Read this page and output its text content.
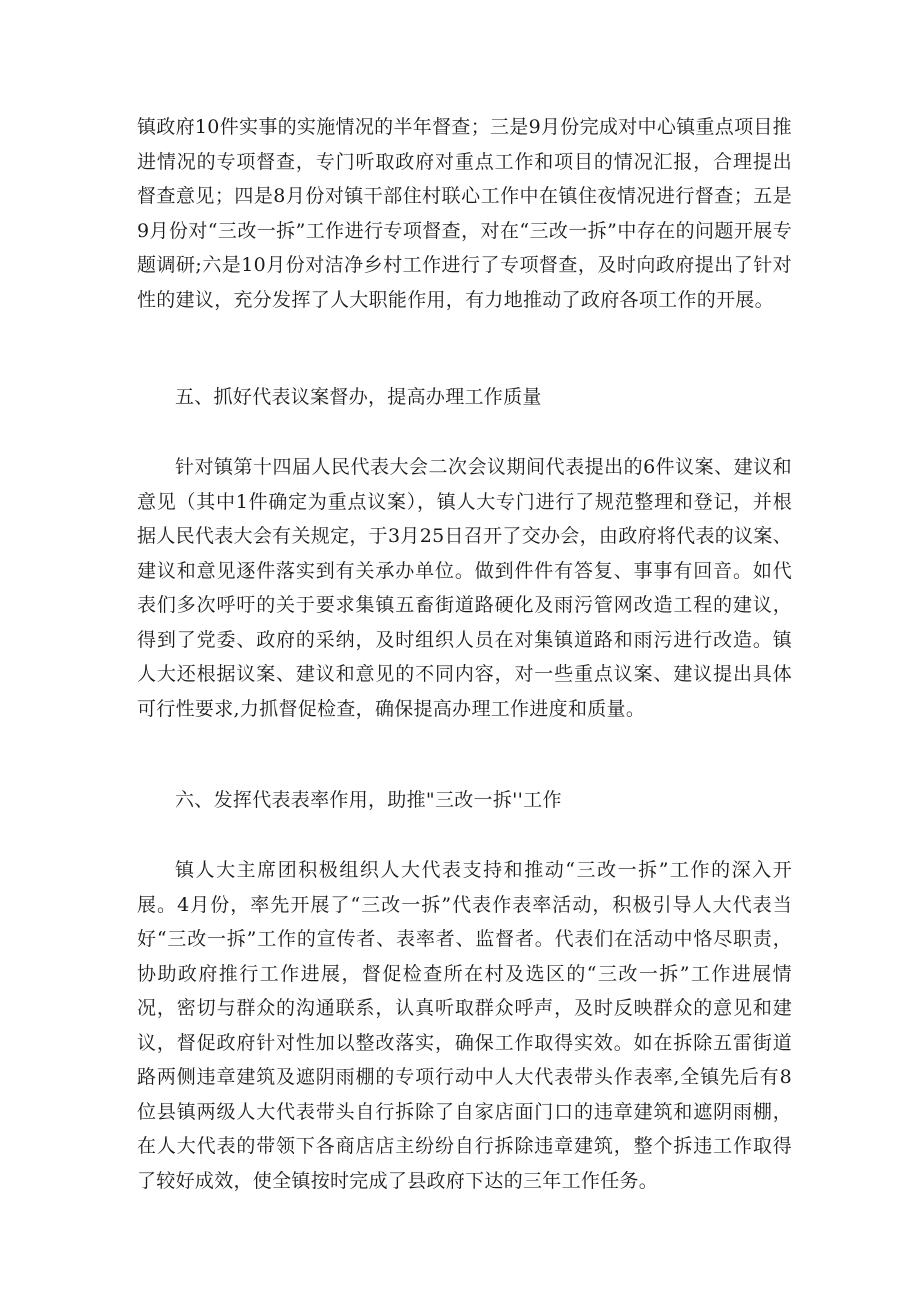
镇政府10件实事的实施情况的半年督查；三是9月份完成对中心镇重点项目推进情况的专项督查，专门听取政府对重点工作和项目的情况汇报，合理提出督查意见；四是8月份对镇干部住村联心工作中在镇住夜情况进行督查；五是9月份对“三改一拆”工作进行专项督查，对在“三改一拆”中存在的问题开展专题调研;六是10月份对洁净乡村工作进行了专项督查，及时向政府提出了针对性的建议，充分发挥了人大职能作用，有力地推动了政府各项工作的开展。

五、抓好代表议案督办，提高办理工作质量

针对镇第十四届人民代表大会二次会议期间代表提出的6件议案、建议和意见（其中1件确定为重点议案），镇人大专门进行了规范整理和登记，并根据人民代表大会有关规定，于3月25日召开了交办会，由政府将代表的议案、建议和意见逐件落实到有关承办单位。做到件件有答复、事事有回音。如代表们多次呼吁的关于要求集镇五畜街道路硬化及雨污管网改造工程的建议，得到了党委、政府的采纳，及时组织人员在对集镇道路和雨污进行改造。镇人大还根据议案、建议和意见的不同内容，对一些重点议案、建议提出具体可行性要求,力抓督促检查，确保提高办理工作进度和质量。

六、发挥代表表率作用，助推"三改一拆''工作

镇人大主席团积极组织人大代表支持和推动“三改一拆”工作的深入开展。4月份，率先开展了“三改一拆”代表作表率活动，积极引导人大代表当好“三改一拆”工作的宣传者、表率者、监督者。代表们在活动中恪尽职责，协助政府推行工作进展，督促检查所在村及选区的“三改一拆”工作进展情况，密切与群众的沟通联系，认真听取群众呼声，及时反映群众的意见和建议，督促政府针对性加以整改落实，确保工作取得实效。如在拆除五雷街道路两侧违章建筑及遮阴雨棚的专项行动中人大代表带头作表率,全镇先后有8位县镇两级人大代表带头自行拆除了自家店面门口的违章建筑和遮阴雨棚，在人大代表的带领下各商店店主纷纷自行拆除违章建筑，整个拆违工作取得了较好成效，使全镇按时完成了县政府下达的三年工作任务。
